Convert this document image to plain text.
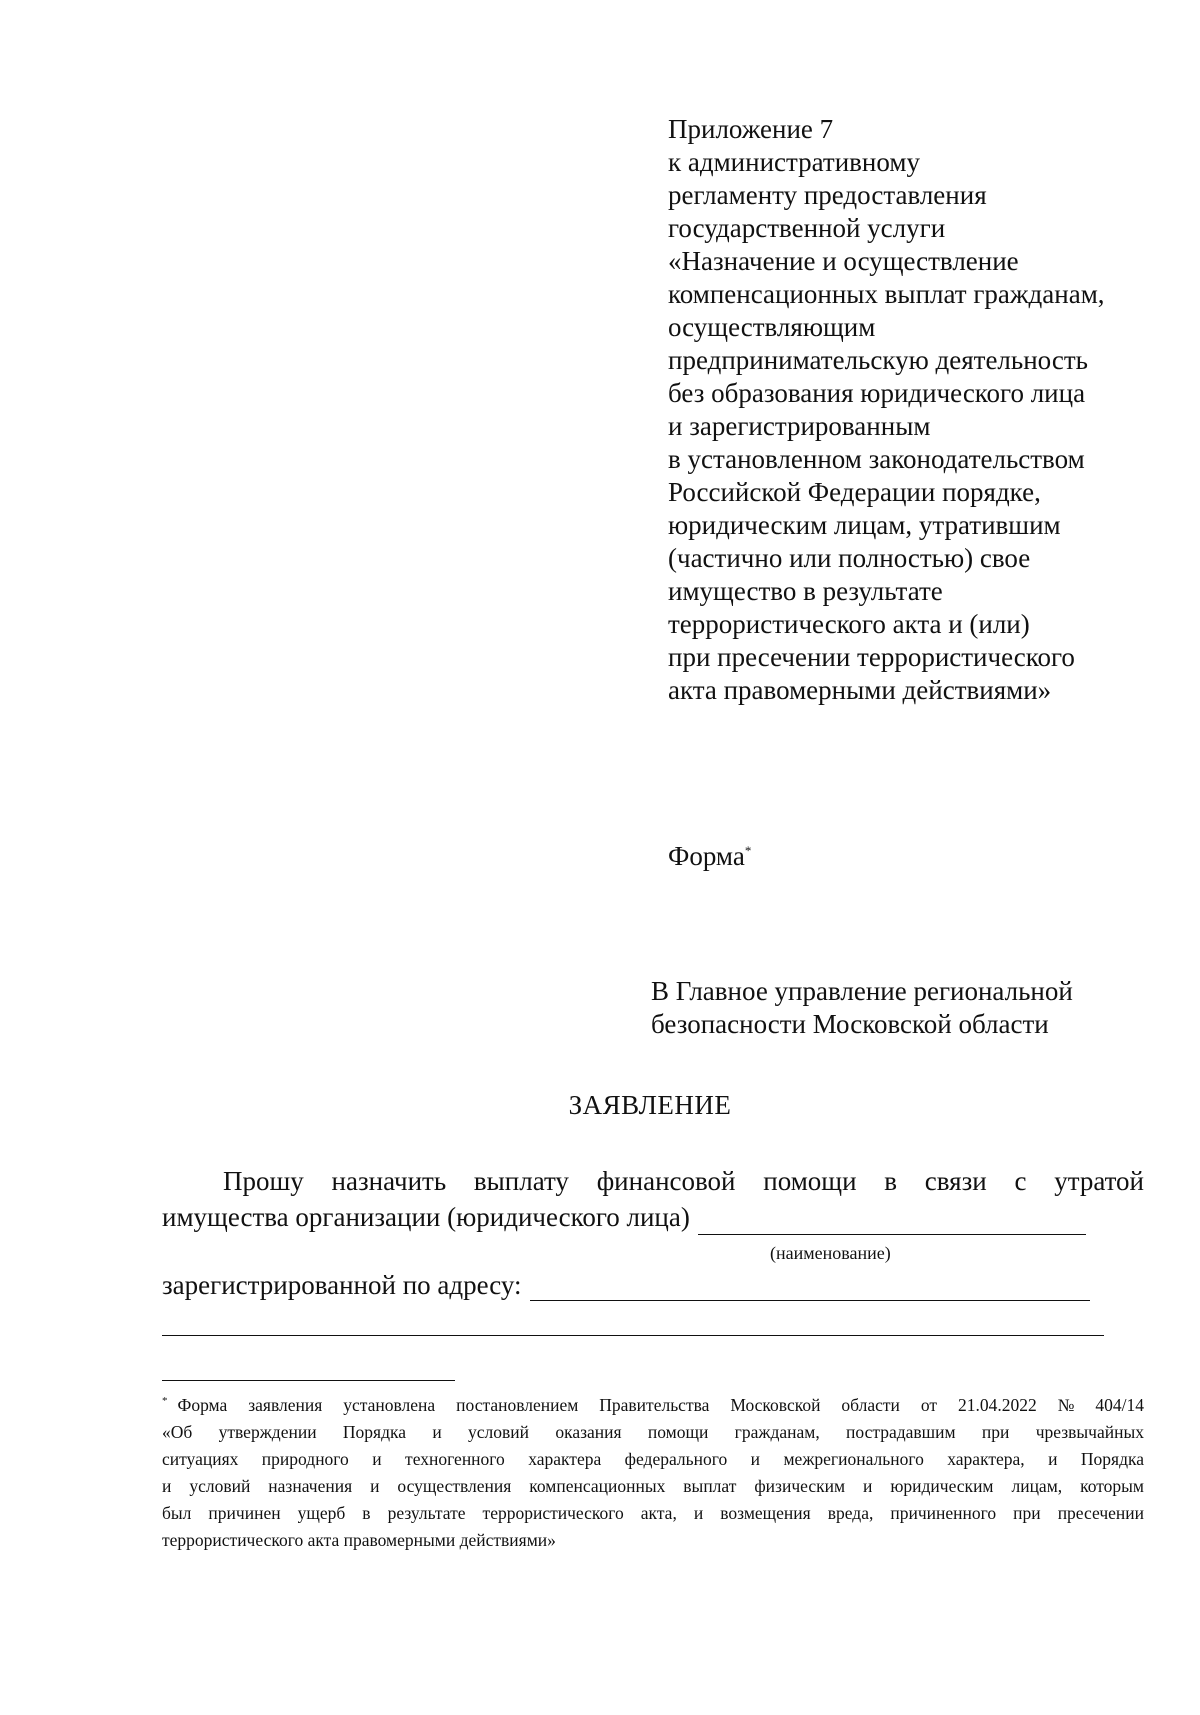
Приложение 7
к административному
регламенту предоставления
государственной услуги
«Назначение и осуществление
компенсационных выплат гражданам,
осуществляющим
предпринимательскую деятельность
без образования юридического лица
и зарегистрированным
в установленном законодательством
Российской Федерации порядке,
юридическим лицам, утратившим
(частично или полностью) свое
имущество в результате
террористического акта и (или)
при пресечении террористического
акта правомерными действиями»
Форма*
В Главное управление региональной
безопасности Московской области
ЗАЯВЛЕНИЕ
Прошу назначить выплату финансовой помощи в связи с утратой
имущества организации (юридического лица)
(наименование)
зарегистрированной по адресу:
* Форма заявления установлена постановлением Правительства Московской области от 21.04.2022 № 404/14
«Об утверждении Порядка и условий оказания помощи гражданам, пострадавшим при чрезвычайных
ситуациях природного и техногенного характера федерального и межрегионального характера, и Порядка
и условий назначения и осуществления компенсационных выплат физическим и юридическим лицам, которым
был причинен ущерб в результате террористического акта, и возмещения вреда, причиненного при пресечении
террористического акта правомерными действиями»
